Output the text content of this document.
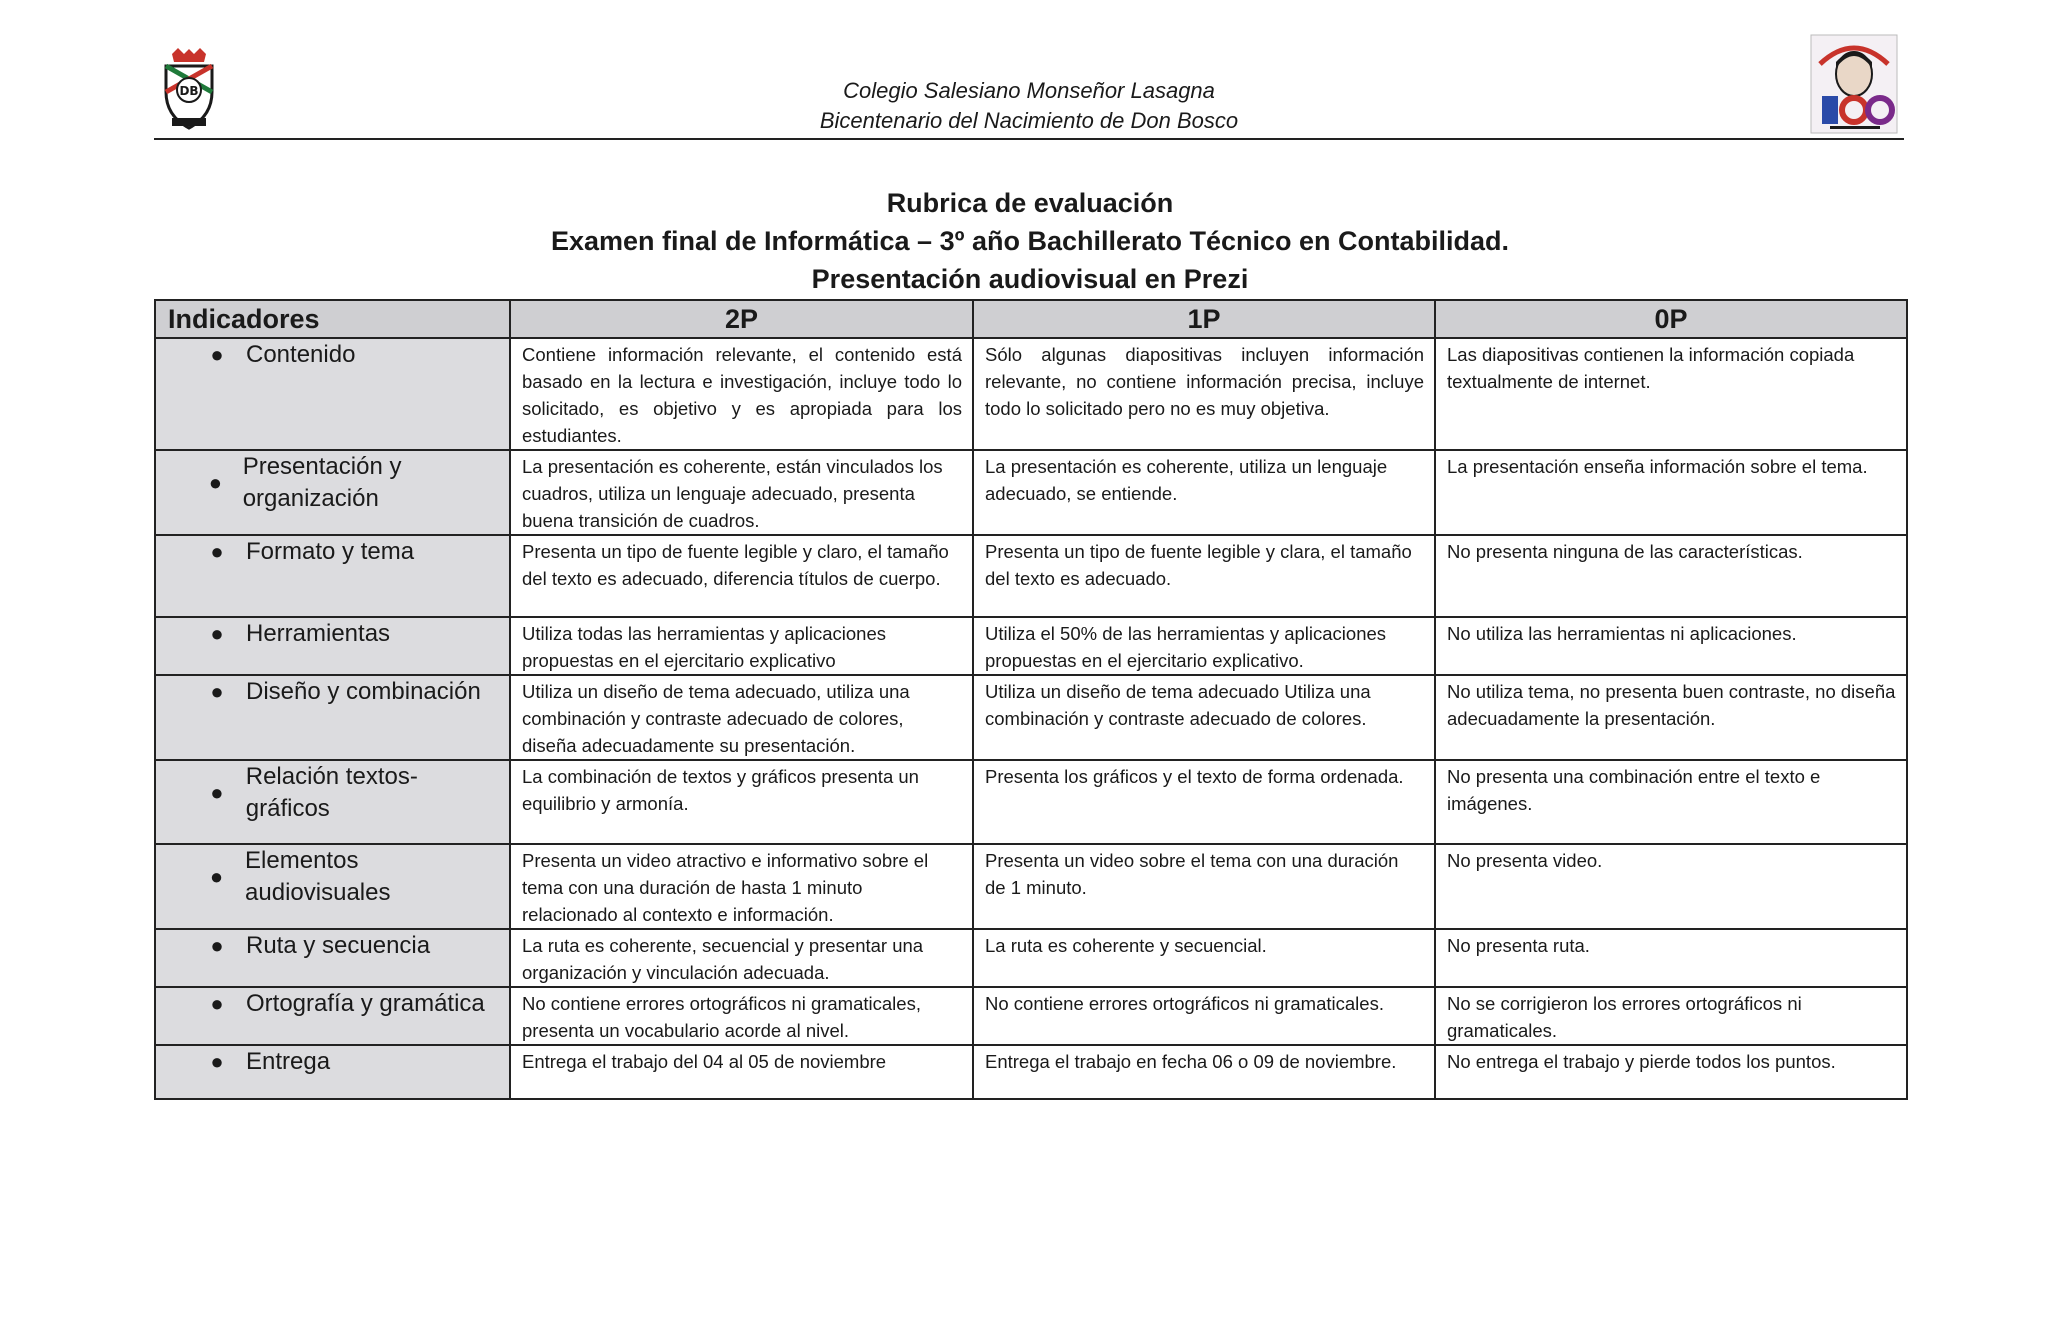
DB	Colegio Salesiano Monseñor Lasagna
Bicentenario del Nacimiento de Don Bosco
Rubrica de evaluación
Examen final de Informática – 3º año Bachillerato Técnico en Contabilidad.
Presentación audiovisual en Prezi
Indicadores	2P	1P	0P

● Contenido	Contiene información relevante, el contenido está basado en la lectura e investigación, incluye todo lo solicitado, es objetivo y es apropiada para los estudiantes.	Sólo algunas diapositivas incluyen información relevante, no contiene información precisa, incluye todo lo solicitado pero no es muy objetiva.	Las diapositivas contienen la información copiada textualmente de internet.

●
Presentación y organización	La presentación es coherente, están vinculados los cuadros, utiliza un lenguaje adecuado, presenta buena transición de cuadros.	La presentación es coherente, utiliza un lenguaje adecuado, se entiende.	La presentación enseña información sobre el tema.

● Formato y tema	Presenta un tipo de fuente legible y claro, el tamaño del texto es adecuado, diferencia títulos de cuerpo.	Presenta un tipo de fuente legible y clara, el tamaño del texto es adecuado.	No presenta ninguna de las características.

● Herramientas	Utiliza todas las herramientas y aplicaciones propuestas en el ejercitario explicativo	Utiliza el 50% de las herramientas y aplicaciones propuestas en el ejercitario explicativo.	No utiliza las herramientas ni aplicaciones.

● Diseño y combinación	Utiliza un diseño de tema adecuado, utiliza una combinación y contraste adecuado de colores, diseña adecuadamente su presentación.	Utiliza un diseño de tema adecuado Utiliza una combinación y contraste adecuado de colores.	No utiliza tema, no presenta buen contraste, no diseña adecuadamente la presentación.

●
Relación textos-gráficos	La combinación de textos y gráficos presenta un equilibrio y armonía.	Presenta los gráficos y el texto de forma ordenada.	No presenta una combinación entre el texto e imágenes.

●
Elementos audiovisuales	Presenta un video atractivo e informativo sobre el tema con una duración de hasta 1 minuto relacionado al contexto e información.	Presenta un video sobre el tema con una duración de 1 minuto.	No presenta video.

● Ruta y secuencia	La ruta es coherente, secuencial y presentar una organización y vinculación adecuada.	La ruta es coherente y secuencial.	No presenta ruta.

● Ortografía y gramática	No contiene errores ortográficos ni gramaticales, presenta un vocabulario acorde al nivel.	No contiene errores ortográficos ni gramaticales.	No se corrigieron los errores ortográficos ni gramaticales.

● Entrega	Entrega el trabajo del 04 al 05 de noviembre	Entrega el trabajo en fecha 06 o 09 de noviembre.	No entrega el trabajo y pierde todos los puntos.
